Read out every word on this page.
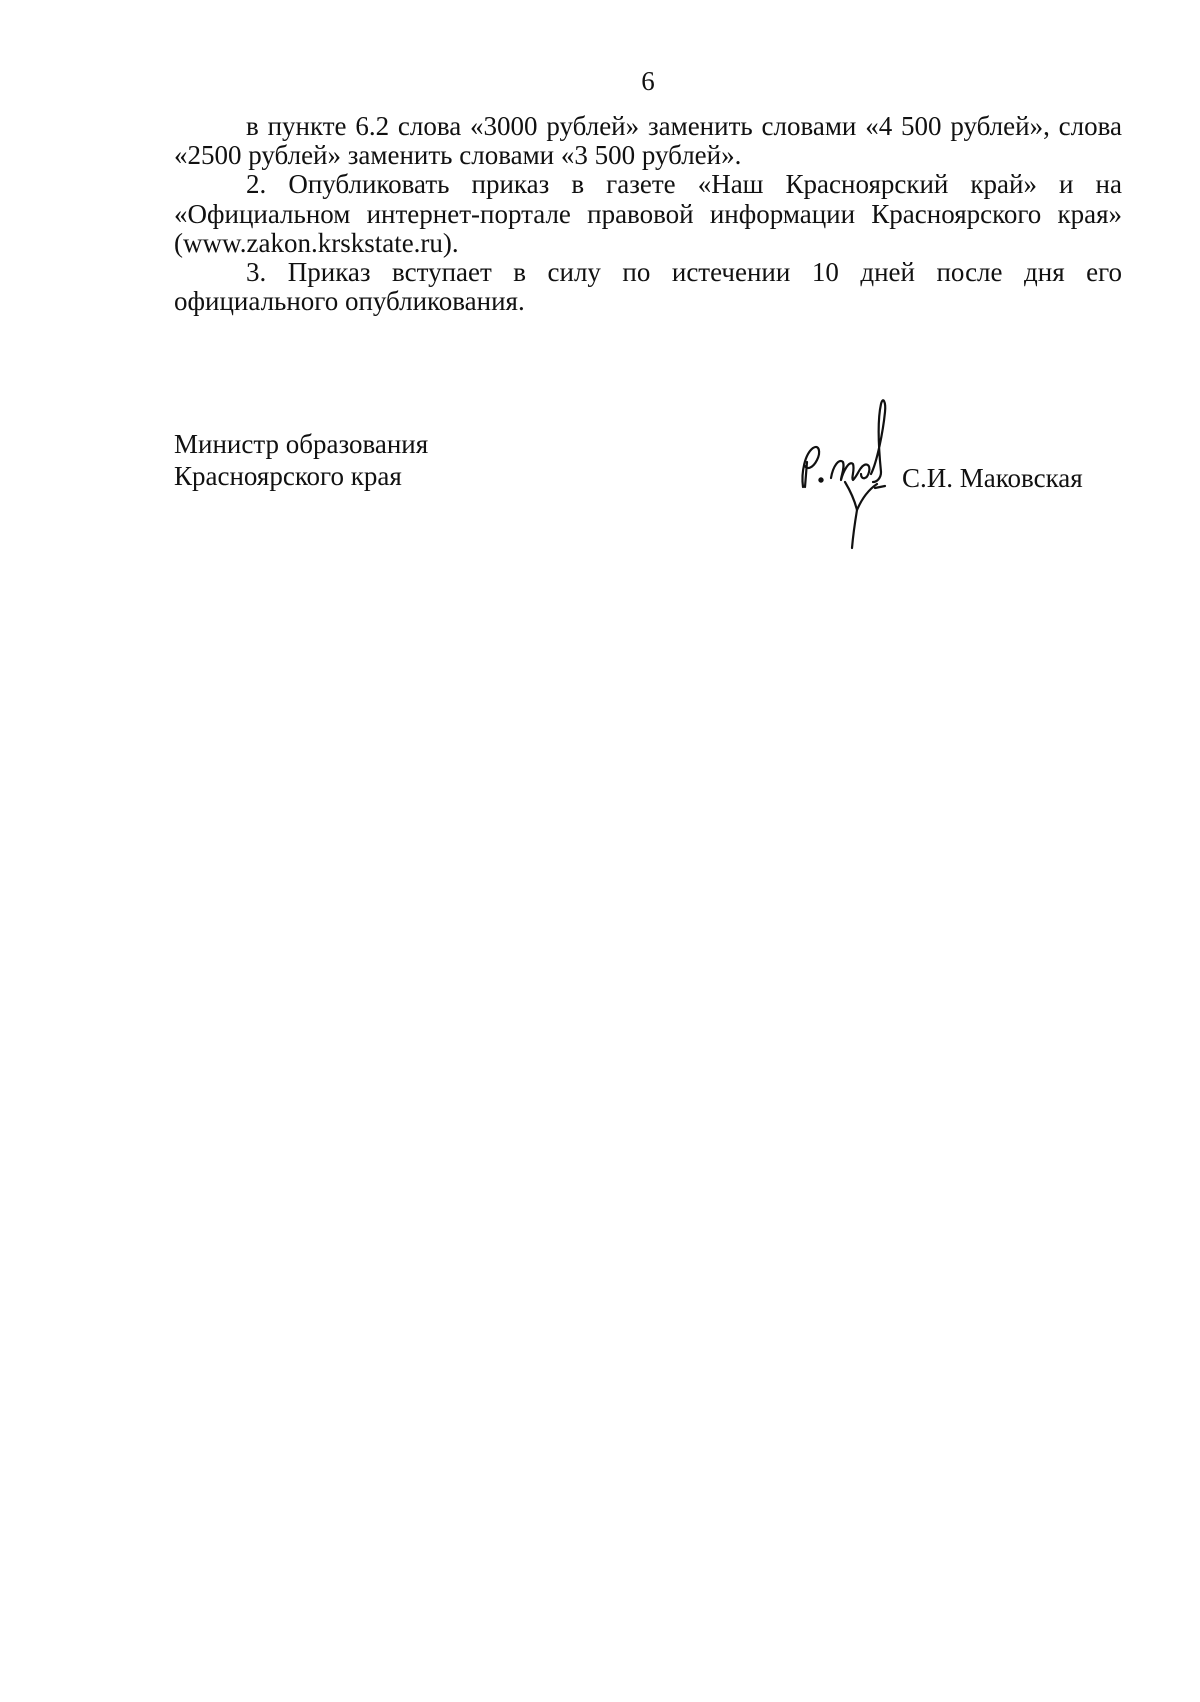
6

в пункте 6.2 слова «3000 рублей» заменить словами «4 500 рублей», слова «2500 рублей» заменить словами «3 500 рублей».

2. Опубликовать приказ в газете «Наш Красноярский край» и на «Официальном интернет-портале правовой информации Красноярского края» (www.zakon.krskstate.ru).

3. Приказ вступает в силу по истечении 10 дней после дня его официального опубликования.

Министр образования
Красноярского края	С.И. Маковская
